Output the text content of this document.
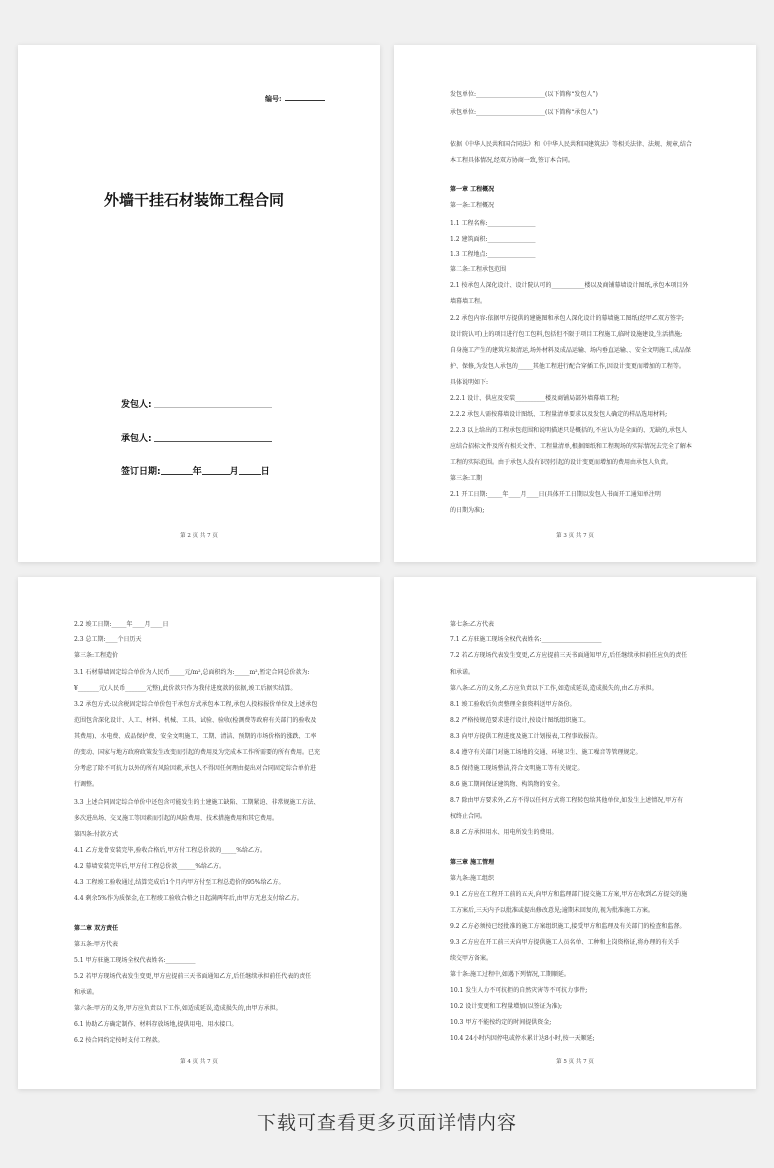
编号:
外墙干挂石材装饰工程合同
发包人:
承包人:
签订日期:	年	月 日
第 2 页 共 7 页
发包单位:_______________________(以下简称“发包人”)
承包单位:_______________________(以下简称“承包人”)
依据《中华人民共和国合同法》和《中华人民共和国建筑法》等相关法律、法规、规章,结合
本工程具体情况,经双方协商一致,签订本合同。
第一章 工程概况
第一条:工程概况
1.1 工程名称:________________
1.2 建筑面积:________________
1.3 工程地点:________________
第二条:工程承包范围
2.1 按承包人深化设计、设计院认可的___________楼以及商铺幕墙设计图纸,承包本项目外
墙幕墙工程。
2.2 承包内容:依据甲方提供的建施图和承包人深化设计的幕墙施工图纸(经甲乙双方签字;
设计院认可)上的项目进行包工包料,包括但不限于项目工程施工,临时设施建设,生活措施;
自身施工产生的建筑垃圾清运,场外材料及成品运输、场内垂直运输、、安全文明施工,成品保
护、保修,为发包人承包的_____其他工程进行配合穿插工作,因设计变更而增加的工程等。
具体说明如下:
2.2.1 设计、供应及安装__________楼及商铺局部外墙幕墙工程;
2.2.2 承包人需按幕墙设计图纸、工程量清单要求以及发包人确定的样品选用材料;
2.2.3 以上给出的工程承包范围和说明描述只是概括的,不应认为是全面的、无缺的,承包人
应结合招标文件及所有相关文件、工程量清单,根据图纸和工程现场的实际情况去完全了解本
工程的实际范围。由于承包人没有识别引起的设计变更而增加的费用由承包人负责。
第三条:工期
2.1 开工日期:_____年____月____日(具体开工日期以发包人书面开工通知单注明
的日期为准);
第 3 页 共 7 页
2.2 竣工日期:_____年____月____日
2.3 总工期:____个日历天
第三条:工程造价
3.1 石材幕墙固定综合单价为人民币_____元/m²,总面积约为:_____m²,暂定合同总价款为:
¥_______元(人民币_______元整),此价款只作为我付进度款的依据,竣工后据实结算。
3.2 承包方式:以含税固定综合单价包干承包方式承包本工程,承包人投标报价单位及上述承包
范围包含深化设计、人工、材料、机械、工具、试验、验收(检测费等政府有关部门的验收及
其费用)、水电费、成品保护费、安全文明施工、工期、清洁、预期的市场价格的涨跌、工率
的变动、国家与地方政府政策发生改变而引起的费用及为完成本工作所需要的所有费用。已充
分考虑了除不可抗力以外的所有风险因素,承包人不得因任何理由提出对合同固定综合单价进
行调整。
3.3 上述合同固定综合单价中还包含可能发生的土建施工缺陷、工期紧迫、非常规施工方法、
多次进出场、交叉施工等因素而引起的风险费用、技术措施费用和其它费用。
第四条:付款方式
4.1 乙方龙骨安装完毕,验收合格后,甲方付工程总价款的_____%给乙方。
4.2 幕墙安装完毕后,甲方付工程总价款______%给乙方。
4.3 工程竣工验收通过,结算完成后1个月内甲方付至工程总造价的95%给乙方。
4.4 剩余5%作为质保金,在工程竣工验收合格之日起满两年后,由甲方无息支付给乙方。
第二章 双方责任
第五条:甲方代表
5.1 甲方驻施工现场全权代表姓名:__________
5.2 若甲方现场代表发生变更,甲方应提前三天书面通知乙方,后任继续承担前任代表的责任
和承诺。
第六条:甲方的义务,甲方应负责以下工作,如适成延误,造成损失的,由甲方承担。
6.1 协助乙方确定制作、材料存放场地,提供用电、用水接口。
6.2 按合同约定按时支付工程款。
第 4 页 共 7 页
第七条:乙方代表
7.1 乙方驻施工现场全权代表姓名:____________________
7.2 若乙方现场代表发生变更,乙方应提前三天书面通知甲方,后任继续承担前任应负的责任
和承诺。
第八条:乙方的义务,乙方应负责以下工作,如造成延误,造成损失的,由乙方承担。
8.1 竣工验收后负责整理全套资料送甲方备份。
8.2 严格按规范要求进行设计,按设计图纸组织施工。
8.3 向甲方提供工程进度及施工计划报表,工程事故报告。
8.4 遵守有关部门对施工场地的交通、环境卫生、施工噪音等管理规定。
8.5 保持施工现场整洁,符合文明施工等有关规定。
8.6 施工期间保证建筑物、构筑物的安全。
8.7 除由甲方要求外,乙方不得以任何方式将工程转包给其他单位,如发生上述情况,甲方有
权终止合同。
8.8 乙方承担用水、用电所发生的费用。
第三章 施工管理
第九条:施工组织
9.1 乙方应在工程开工前的五天,向甲方和监理部门提交施工方案,甲方在收到乙方提交的施
工方案后,三天内予以批准或提出修改意见;逾期未回复的,视为批准施工方案。
9.2 乙方必须按已经批准的施工方案组织施工,接受甲方和监理及有关部门的检查和监督。
9.3 乙方应在开工前三天向甲方提供施工人员名单、工种和上岗资格证,将办理的有关手
续交甲方备案。
第十条:施工过程中,如遇下列情况,工期顺延。
10.1 发生人力不可抗拒的自然灾害等不可抗力事件;
10.2 设计变更和工程量增加(以签证为准);
10.3 甲方不能按约定的时间提供资金;
10.4 24小时内因停电或停水累计达8小时,按一天顺延;
第 5 页 共 7 页
下载可查看更多页面详情内容
